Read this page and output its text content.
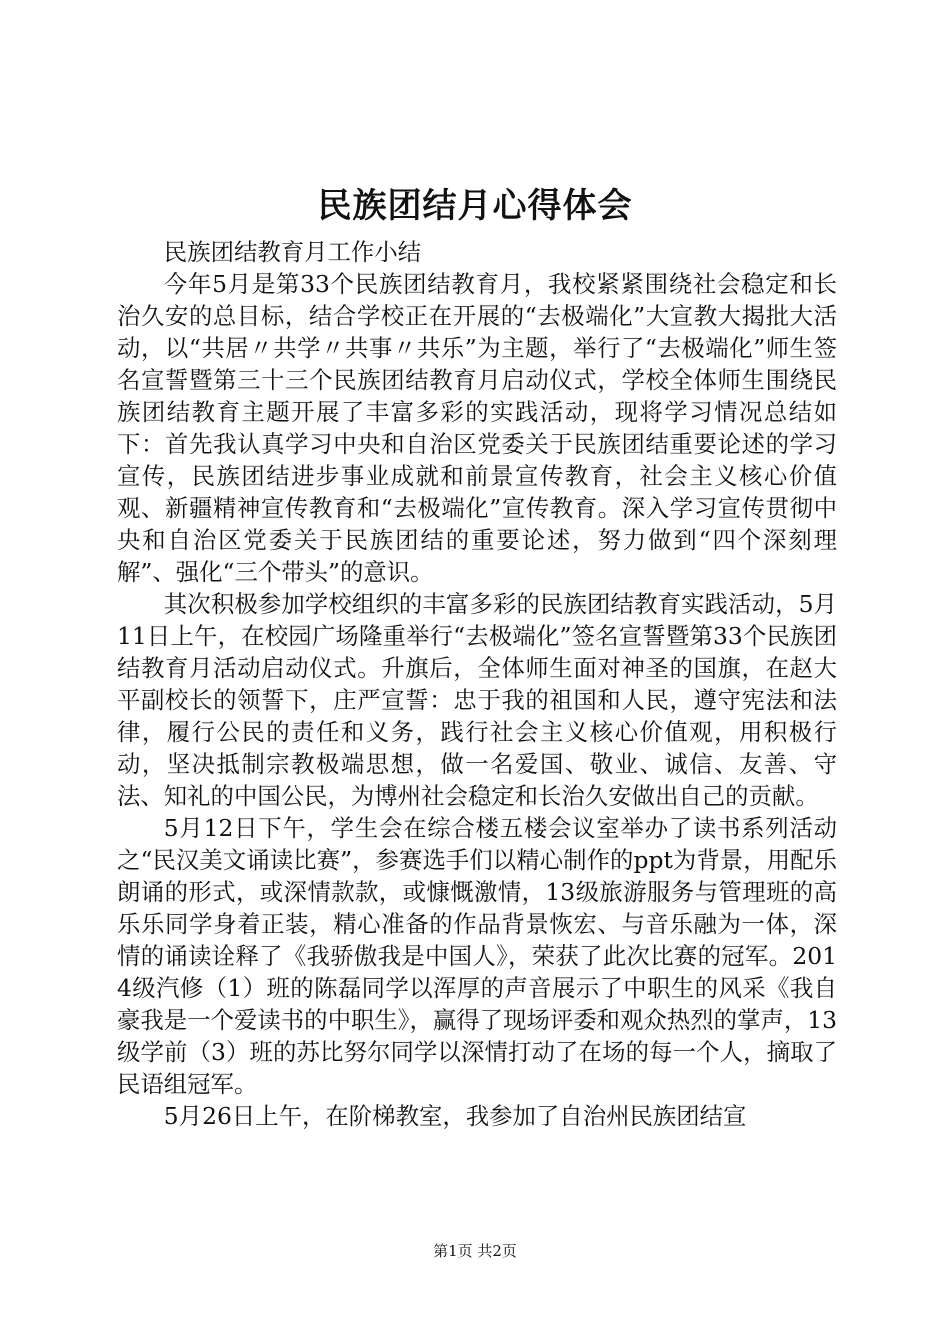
民族团结月心得体会

民族团结教育月工作小结

今年5月是第33个民族团结教育月，我校紧紧围绕社会稳定和长治久安的总目标，结合学校正在开展的“去极端化”大宣教大揭批大活动，以“共居〃共学〃共事〃共乐”为主题，举行了“去极端化”师生签名宣誓暨第三十三个民族团结教育月启动仪式，学校全体师生围绕民族团结教育主题开展了丰富多彩的实践活动，现将学习情况总结如下：首先我认真学习中央和自治区党委关于民族团结重要论述的学习宣传，民族团结进步事业成就和前景宣传教育，社会主义核心价值观、新疆精神宣传教育和“去极端化”宣传教育。深入学习宣传贯彻中央和自治区党委关于民族团结的重要论述，努力做到“四个深刻理解”、强化“三个带头”的意识。

其次积极参加学校组织的丰富多彩的民族团结教育实践活动，5月11日上午，在校园广场隆重举行“去极端化”签名宣誓暨第33个民族团结教育月活动启动仪式。升旗后，全体师生面对神圣的国旗，在赵大平副校长的领誓下，庄严宣誓：忠于我的祖国和人民，遵守宪法和法律，履行公民的责任和义务，践行社会主义核心价值观，用积极行动，坚决抵制宗教极端思想，做一名爱国、敬业、诚信、友善、守法、知礼的中国公民，为博州社会稳定和长治久安做出自己的贡献。

5月12日下午，学生会在综合楼五楼会议室举办了读书系列活动之“民汉美文诵读比赛”，参赛选手们以精心制作的ppt为背景，用配乐朗诵的形式，或深情款款，或慷慨激情，13级旅游服务与管理班的高乐乐同学身着正装，精心准备的作品背景恢宏、与音乐融为一体，深情的诵读诠释了《我骄傲我是中国人》，荣获了此次比赛的冠军。2014级汽修（1）班的陈磊同学以浑厚的声音展示了中职生的风采《我自豪我是一个爱读书的中职生》，赢得了现场评委和观众热烈的掌声，13级学前（3）班的苏比努尔同学以深情打动了在场的每一个人，摘取了民语组冠军。

5月26日上午，在阶梯教室，我参加了自治州民族团结宣

第1页 共2页
